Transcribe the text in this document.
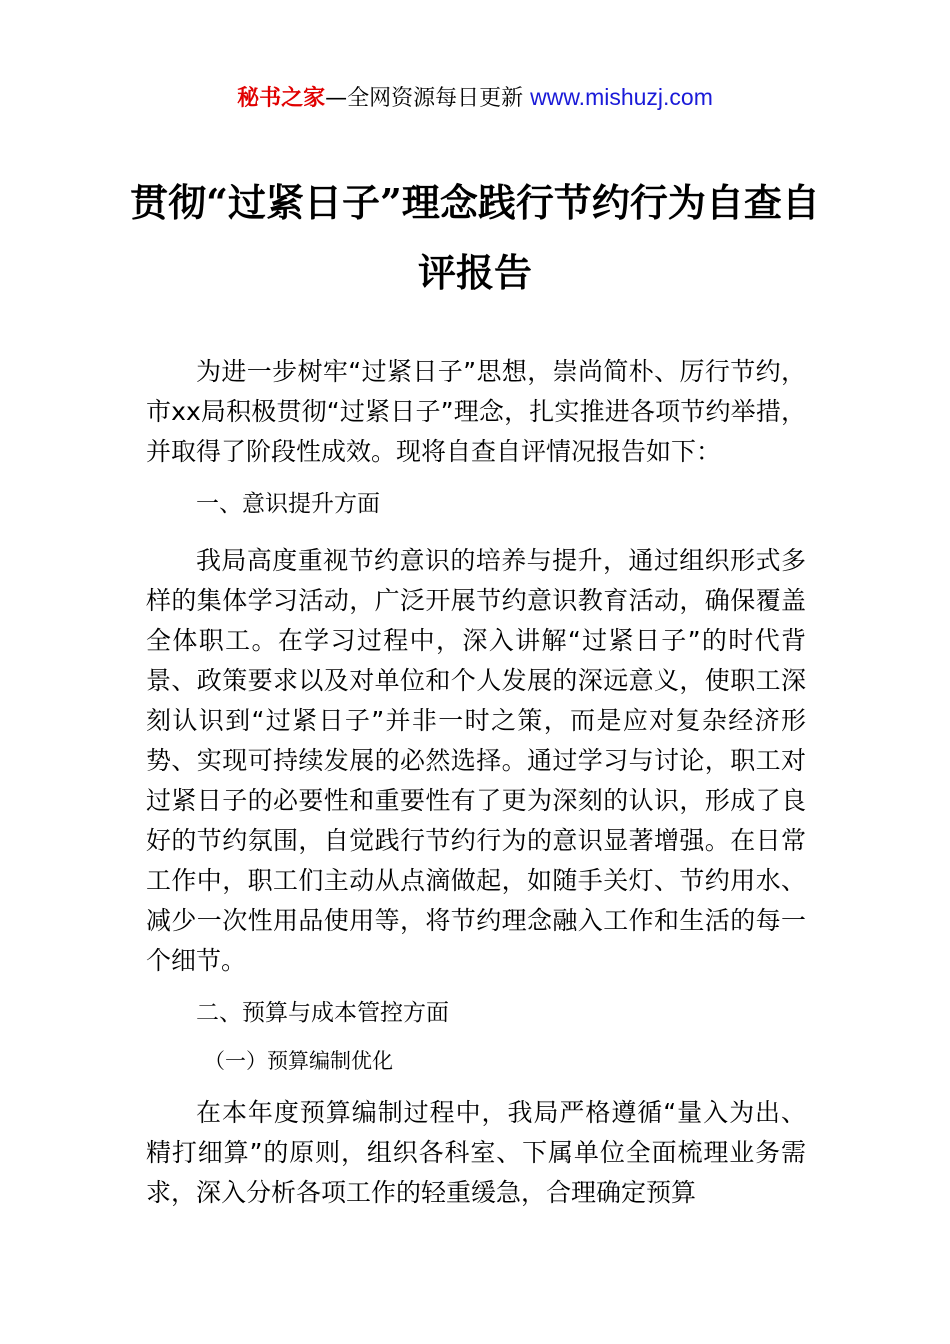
秘书之家—全网资源每日更新 www.mishuzj.com
贯彻“过紧日子”理念践行节约行为自查自评报告

为进一步树牢“过紧日子”思想，崇尚简朴、厉行节约，市xx局积极贯彻“过紧日子”理念，扎实推进各项节约举措，并取得了阶段性成效。现将自查自评情况报告如下：

一、意识提升方面

我局高度重视节约意识的培养与提升，通过组织形式多样的集体学习活动，广泛开展节约意识教育活动，确保覆盖全体职工。在学习过程中，深入讲解“过紧日子”的时代背景、政策要求以及对单位和个人发展的深远意义，使职工深刻认识到“过紧日子”并非一时之策，而是应对复杂经济形势、实现可持续发展的必然选择。通过学习与讨论，职工对过紧日子的必要性和重要性有了更为深刻的认识，形成了良好的节约氛围，自觉践行节约行为的意识显著增强。在日常工作中，职工们主动从点滴做起，如随手关灯、节约用水、减少一次性用品使用等，将节约理念融入工作和生活的每一个细节。

二、预算与成本管控方面

（一）预算编制优化

在本年度预算编制过程中，我局严格遵循“量入为出、精打细算”的原则，组织各科室、下属单位全面梳理业务需求，深入分析各项工作的轻重缓急，合理确定预算
